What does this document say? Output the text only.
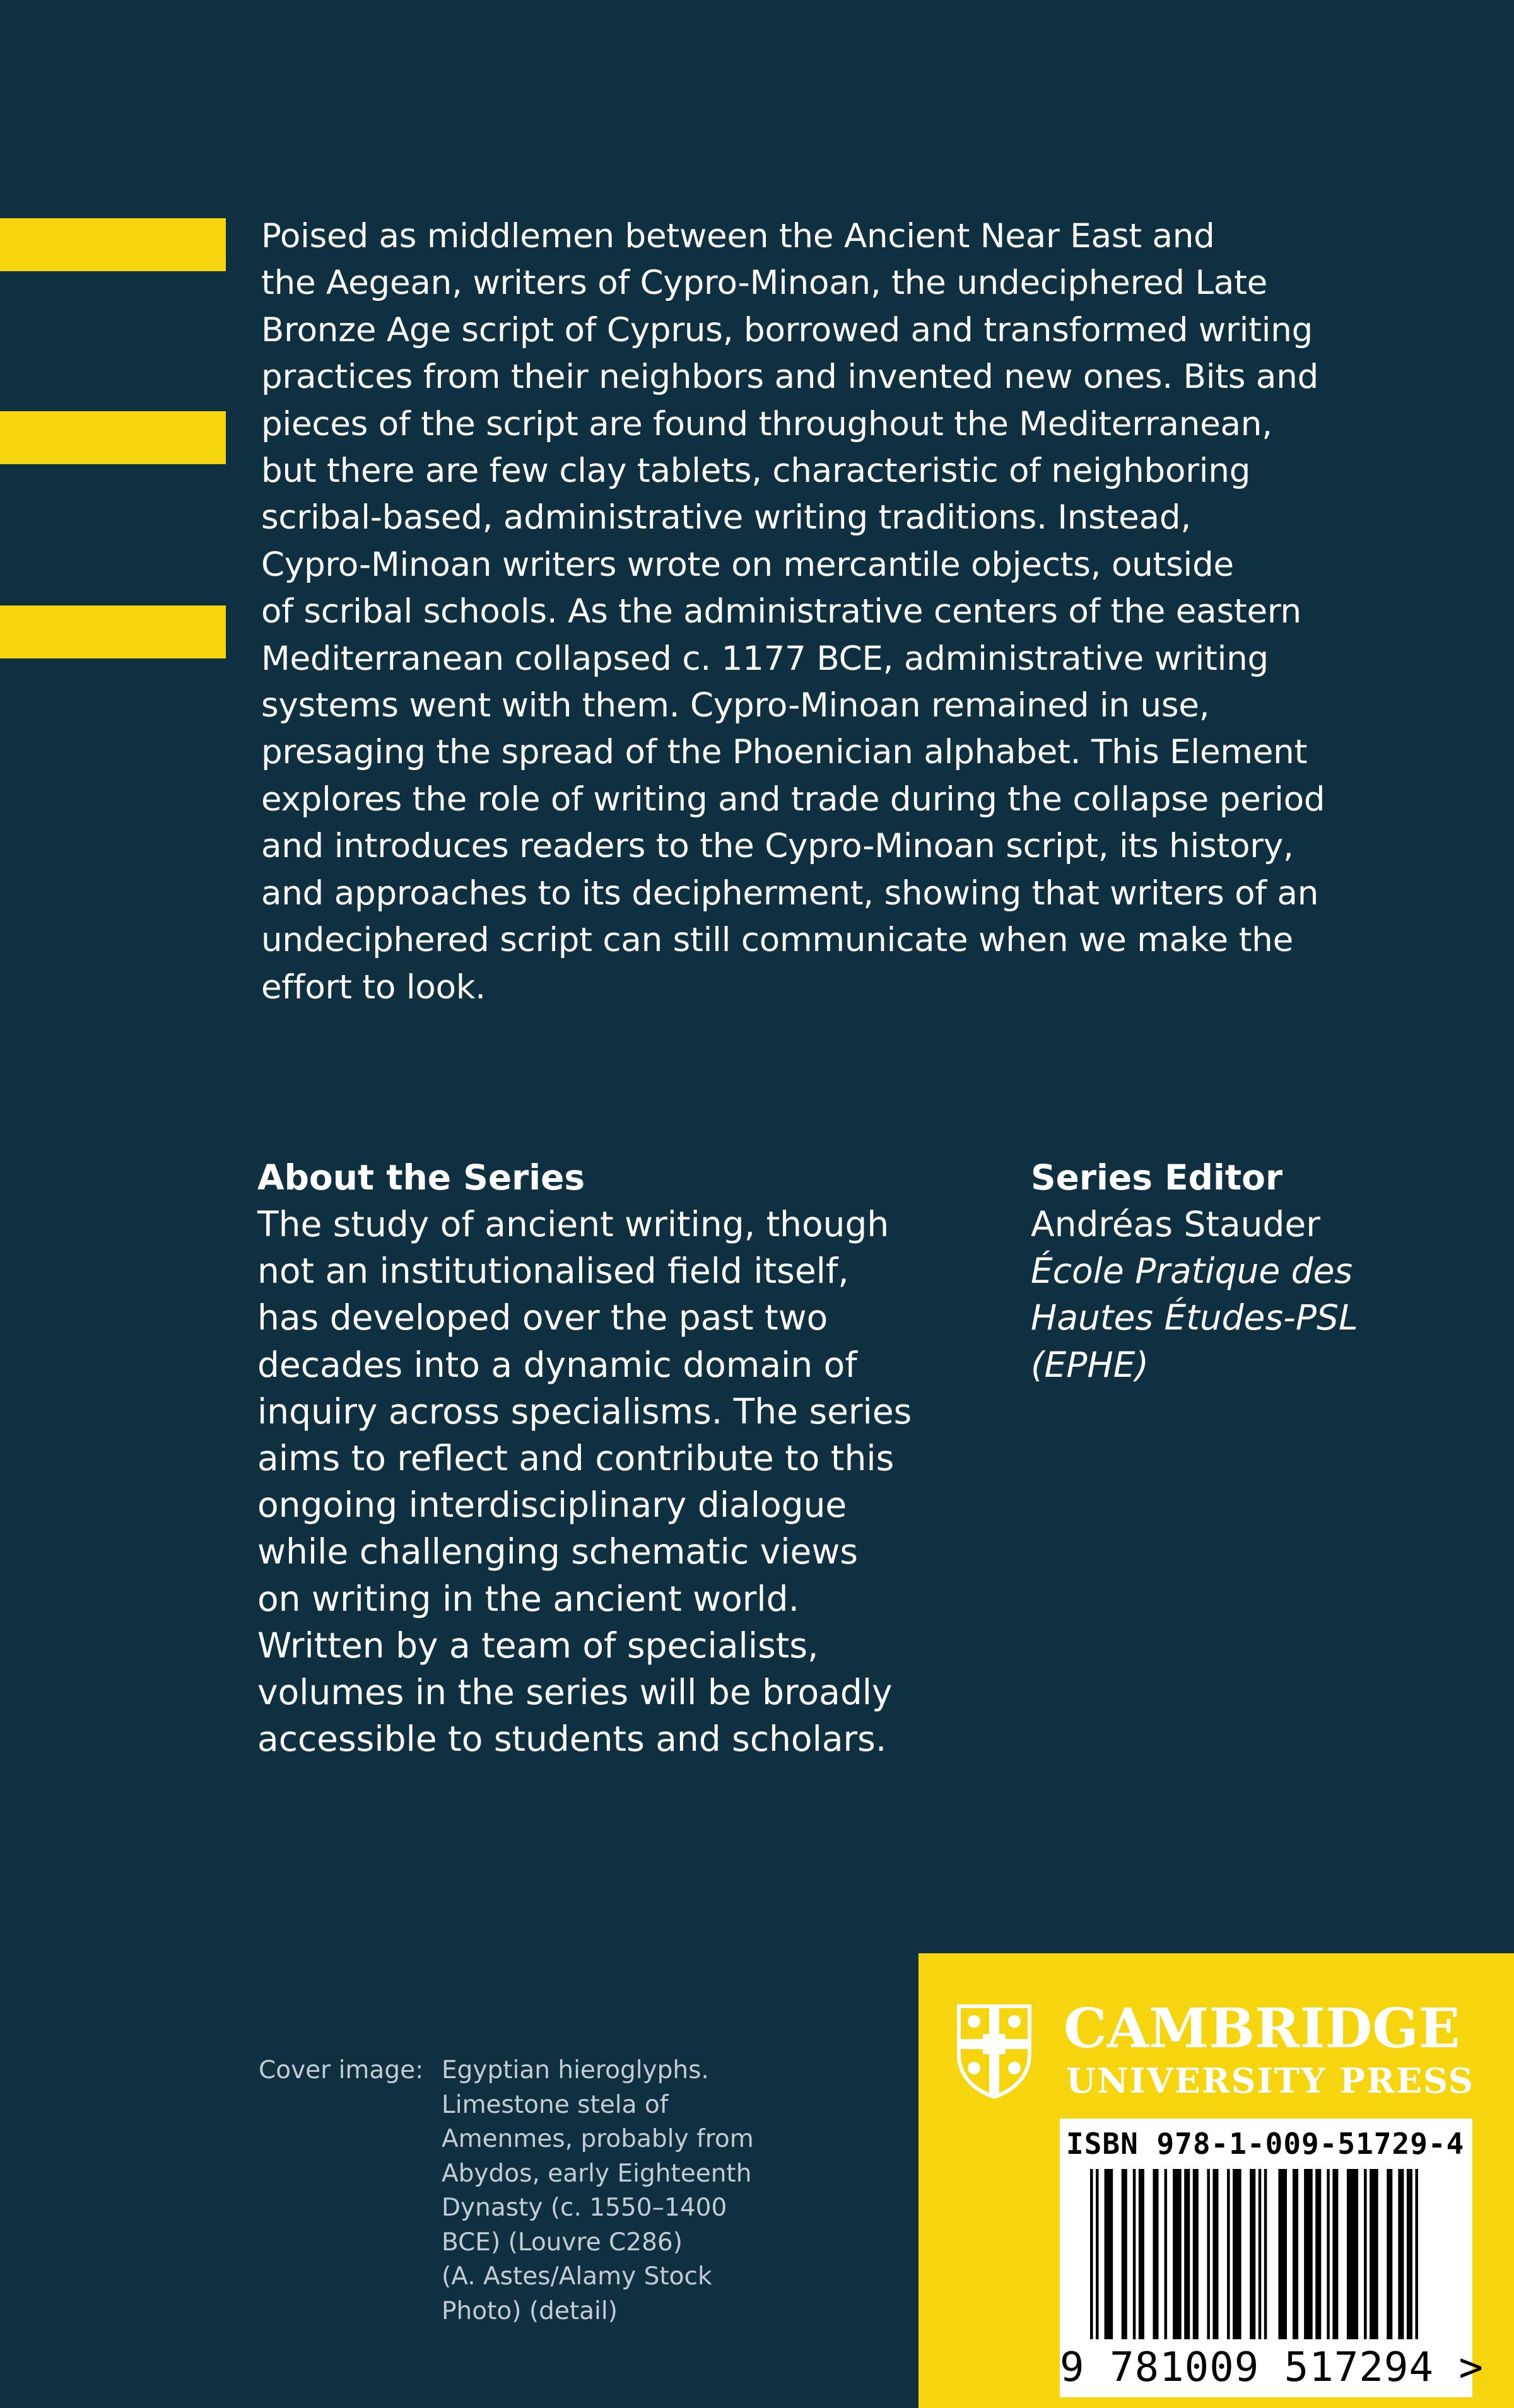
Poised as middlemen between the Ancient Near East and
the Aegean, writers of Cypro-Minoan, the undeciphered Late
Bronze Age script of Cyprus, borrowed and transformed writing
practices from their neighbors and invented new ones. Bits and
pieces of the script are found throughout the Mediterranean,
but there are few clay tablets, characteristic of neighboring
scribal-based, administrative writing traditions. Instead,
Cypro-Minoan writers wrote on mercantile objects, outside
of scribal schools. As the administrative centers of the eastern
Mediterranean collapsed c. 1177 BCE, administrative writing
systems went with them. Cypro-Minoan remained in use,
presaging the spread of the Phoenician alphabet. This Element
explores the role of writing and trade during the collapse period
and introduces readers to the Cypro-Minoan script, its history,
and approaches to its decipherment, showing that writers of an
undeciphered script can still communicate when we make the
effort to look.
About the Series
The study of ancient writing, though
not an institutionalised field itself,
has developed over the past two
decades into a dynamic domain of
inquiry across specialisms. The series
aims to reflect and contribute to this
ongoing interdisciplinary dialogue
while challenging schematic views
on writing in the ancient world.
Written by a team of specialists,
volumes in the series will be broadly
accessible to students and scholars.
Series Editor
Andréas Stauder
École Pratique des
Hautes Études-PSL
(EPHE)
Cover image: Egyptian hieroglyphs.
Limestone stela of
Amenmes, probably from
Abydos, early Eighteenth
Dynasty (c. 1550–1400
BCE) (Louvre C286)
(A. Astes/Alamy Stock
Photo) (detail)
CAMBRIDGE
UNIVERSITY PRESS
ISBN 978-1-009-51729-4
9 781009 517294 >
